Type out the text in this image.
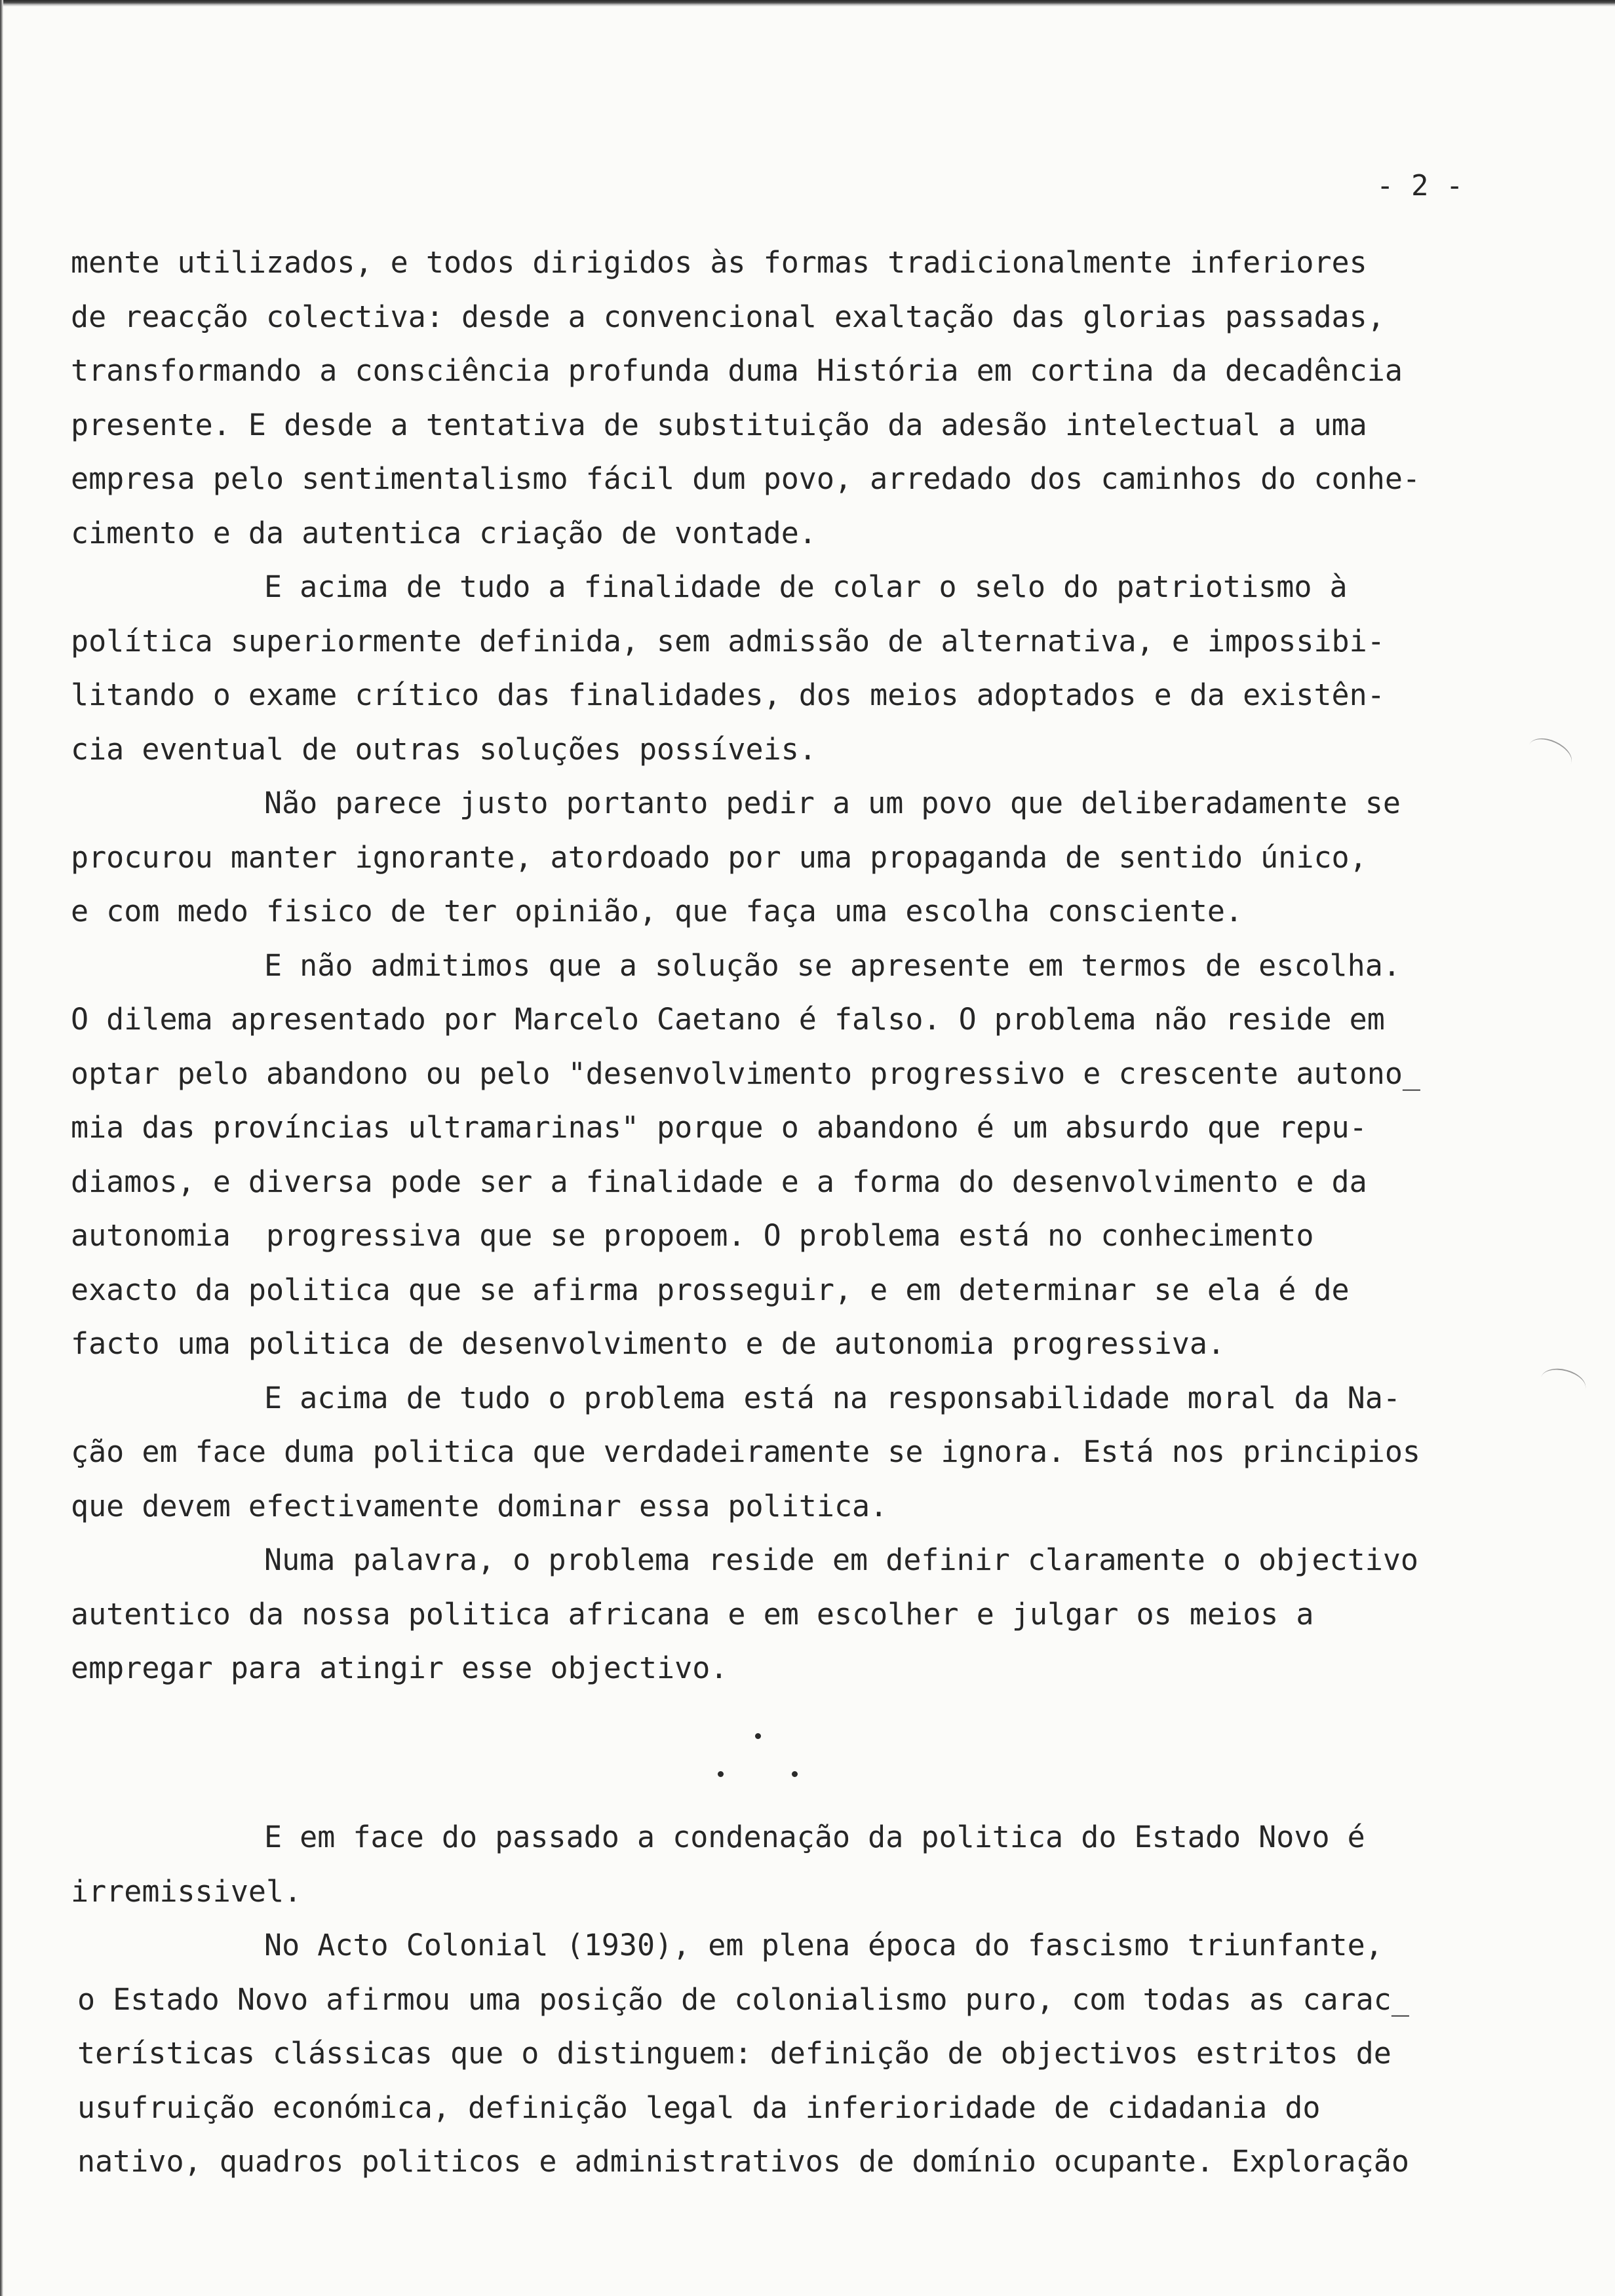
- 2 -

mente utilizados, e todos dirigidos às formas tradicionalmente inferiores

de reacção colectiva: desde a convencional exaltação das glorias passadas,

transformando a consciência profunda duma História em cortina da decadência

presente. E desde a tentativa de substituição da adesão intelectual a uma

empresa pelo sentimentalismo fácil dum povo, arredado dos caminhos do conhe-

cimento e da autentica criação de vontade.

E acima de tudo a finalidade de colar o selo do patriotismo à

política superiormente definida, sem admissão de alternativa, e impossibi-

litando o exame crítico das finalidades, dos meios adoptados e da existên-

cia eventual de outras soluções possíveis.

Não parece justo portanto pedir a um povo que deliberadamente se

procurou manter ignorante, atordoado por uma propaganda de sentido único,

e com medo fisico de ter opinião, que faça uma escolha consciente.

E não admitimos que a solução se apresente em termos de escolha.

O dilema apresentado por Marcelo Caetano é falso. O problema não reside em

optar pelo abandono ou pelo "desenvolvimento progressivo e crescente autono_

mia das províncias ultramarinas" porque o abandono é um absurdo que repu-

diamos, e diversa pode ser a finalidade e a forma do desenvolvimento e da

autonomia  progressiva que se propoem. O problema está no conhecimento

exacto da politica que se afirma prosseguir, e em determinar se ela é de

facto uma politica de desenvolvimento e de autonomia progressiva.

E acima de tudo o problema está na responsabilidade moral da Na-

ção em face duma politica que verdadeiramente se ignora. Está nos principios

que devem efectivamente dominar essa politica.

Numa palavra, o problema reside em definir claramente o objectivo

autentico da nossa politica africana e em escolher e julgar os meios a

empregar para atingir esse objectivo.

E em face do passado a condenação da politica do Estado Novo é

irremissivel.

No Acto Colonial (1930), em plena época do fascismo triunfante,

o Estado Novo afirmou uma posição de colonialismo puro, com todas as carac_

terísticas clássicas que o distinguem: definição de objectivos estritos de

usufruição económica, definição legal da inferioridade de cidadania do

nativo, quadros politicos e administrativos de domínio ocupante. Exploração
